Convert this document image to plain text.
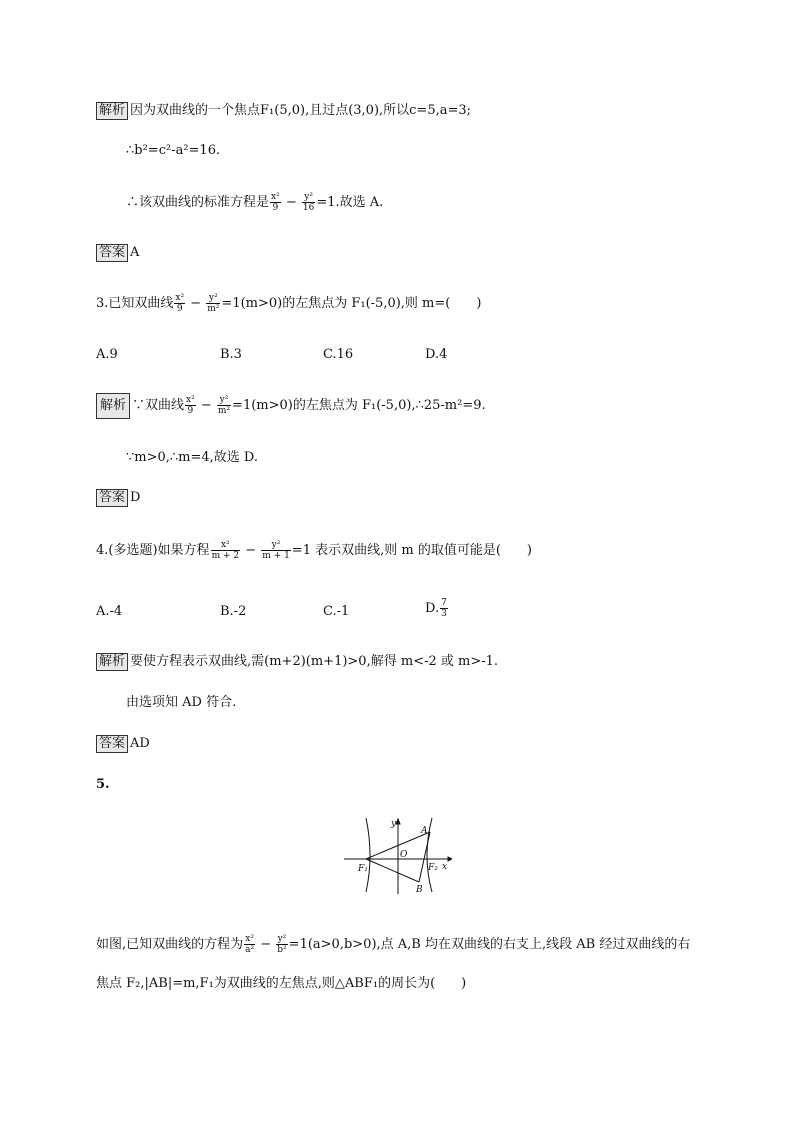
解析 因为双曲线的一个焦点F₁(5,0),且过点(3,0),所以c=5,a=3;
∴b²=c²-a²=16.
∴该双曲线的标准方程是 $\frac{\text{x²}}{9} - \frac{\text{y²}}{16} =1$.故选 A.
答案 A
3.已知双曲线 $\frac{\text{x²}}{9} - \frac{\text{y²}}{\text{m²}} =1(m>0)$的左焦点为 F₁(-5,0),则 m=(　　)
A.9	B.3	C.16	D.4
解析 ∵双曲线 $\frac{\text{x²}}{9} - \frac{\text{y²}}{\text{m²}} =1(m>0)$的左焦点为 F₁(-5,0),∴25-m²=9.
∵m>0,∴m=4,故选 D.
答案 D
4.(多选题)如果方程 $\frac{\text{x²}}{m + 2} - \frac{\text{y²}}{m + 1} =1$ 表示双曲线,则 m 的取值可能是(　　)
A.-4	B.-2	C.-1	D. $\frac{7}{3}$
解析 要使方程表示双曲线,需(m+2)(m+1)>0,解得 m<-2 或 m>-1.
由选项知 AD 符合.
答案 AD
5.
y
x
O
A
B
F₁	F₂
如图,已知双曲线的方程为 $\frac{\text{x²}}{\text{a²}} - \frac{\text{y²}}{\text{b²}} =1(a>0,b>0)$,点 A,B 均在双曲线的右支上,线段 AB 经过双曲线的右
焦点 F₂,|AB|=m,F₁为双曲线的左焦点,则△ABF₁的周长为(　　)
